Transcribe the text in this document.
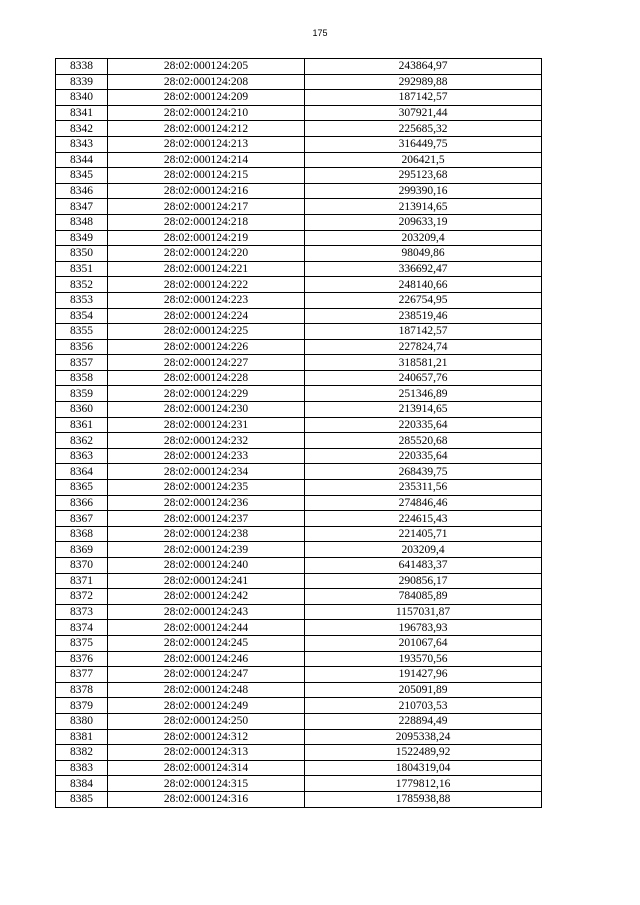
175
8338	28:02:000124:205	243864,97
8339	28:02:000124:208	292989,88
8340	28:02:000124:209	187142,57
8341	28:02:000124:210	307921,44
8342	28:02:000124:212	225685,32
8343	28:02:000124:213	316449,75
8344	28:02:000124:214	206421,5
8345	28:02:000124:215	295123,68
8346	28:02:000124:216	299390,16
8347	28:02:000124:217	213914,65
8348	28:02:000124:218	209633,19
8349	28:02:000124:219	203209,4
8350	28:02:000124:220	98049,86
8351	28:02:000124:221	336692,47
8352	28:02:000124:222	248140,66
8353	28:02:000124:223	226754,95
8354	28:02:000124:224	238519,46
8355	28:02:000124:225	187142,57
8356	28:02:000124:226	227824,74
8357	28:02:000124:227	318581,21
8358	28:02:000124:228	240657,76
8359	28:02:000124:229	251346,89
8360	28:02:000124:230	213914,65
8361	28:02:000124:231	220335,64
8362	28:02:000124:232	285520,68
8363	28:02:000124:233	220335,64
8364	28:02:000124:234	268439,75
8365	28:02:000124:235	235311,56
8366	28:02:000124:236	274846,46
8367	28:02:000124:237	224615,43
8368	28:02:000124:238	221405,71
8369	28:02:000124:239	203209,4
8370	28:02:000124:240	641483,37
8371	28:02:000124:241	290856,17
8372	28:02:000124:242	784085,89
8373	28:02:000124:243	1157031,87
8374	28:02:000124:244	196783,93
8375	28:02:000124:245	201067,64
8376	28:02:000124:246	193570,56
8377	28:02:000124:247	191427,96
8378	28:02:000124:248	205091,89
8379	28:02:000124:249	210703,53
8380	28:02:000124:250	228894,49
8381	28:02:000124:312	2095338,24
8382	28:02:000124:313	1522489,92
8383	28:02:000124:314	1804319,04
8384	28:02:000124:315	1779812,16
8385	28:02:000124:316	1785938,88
